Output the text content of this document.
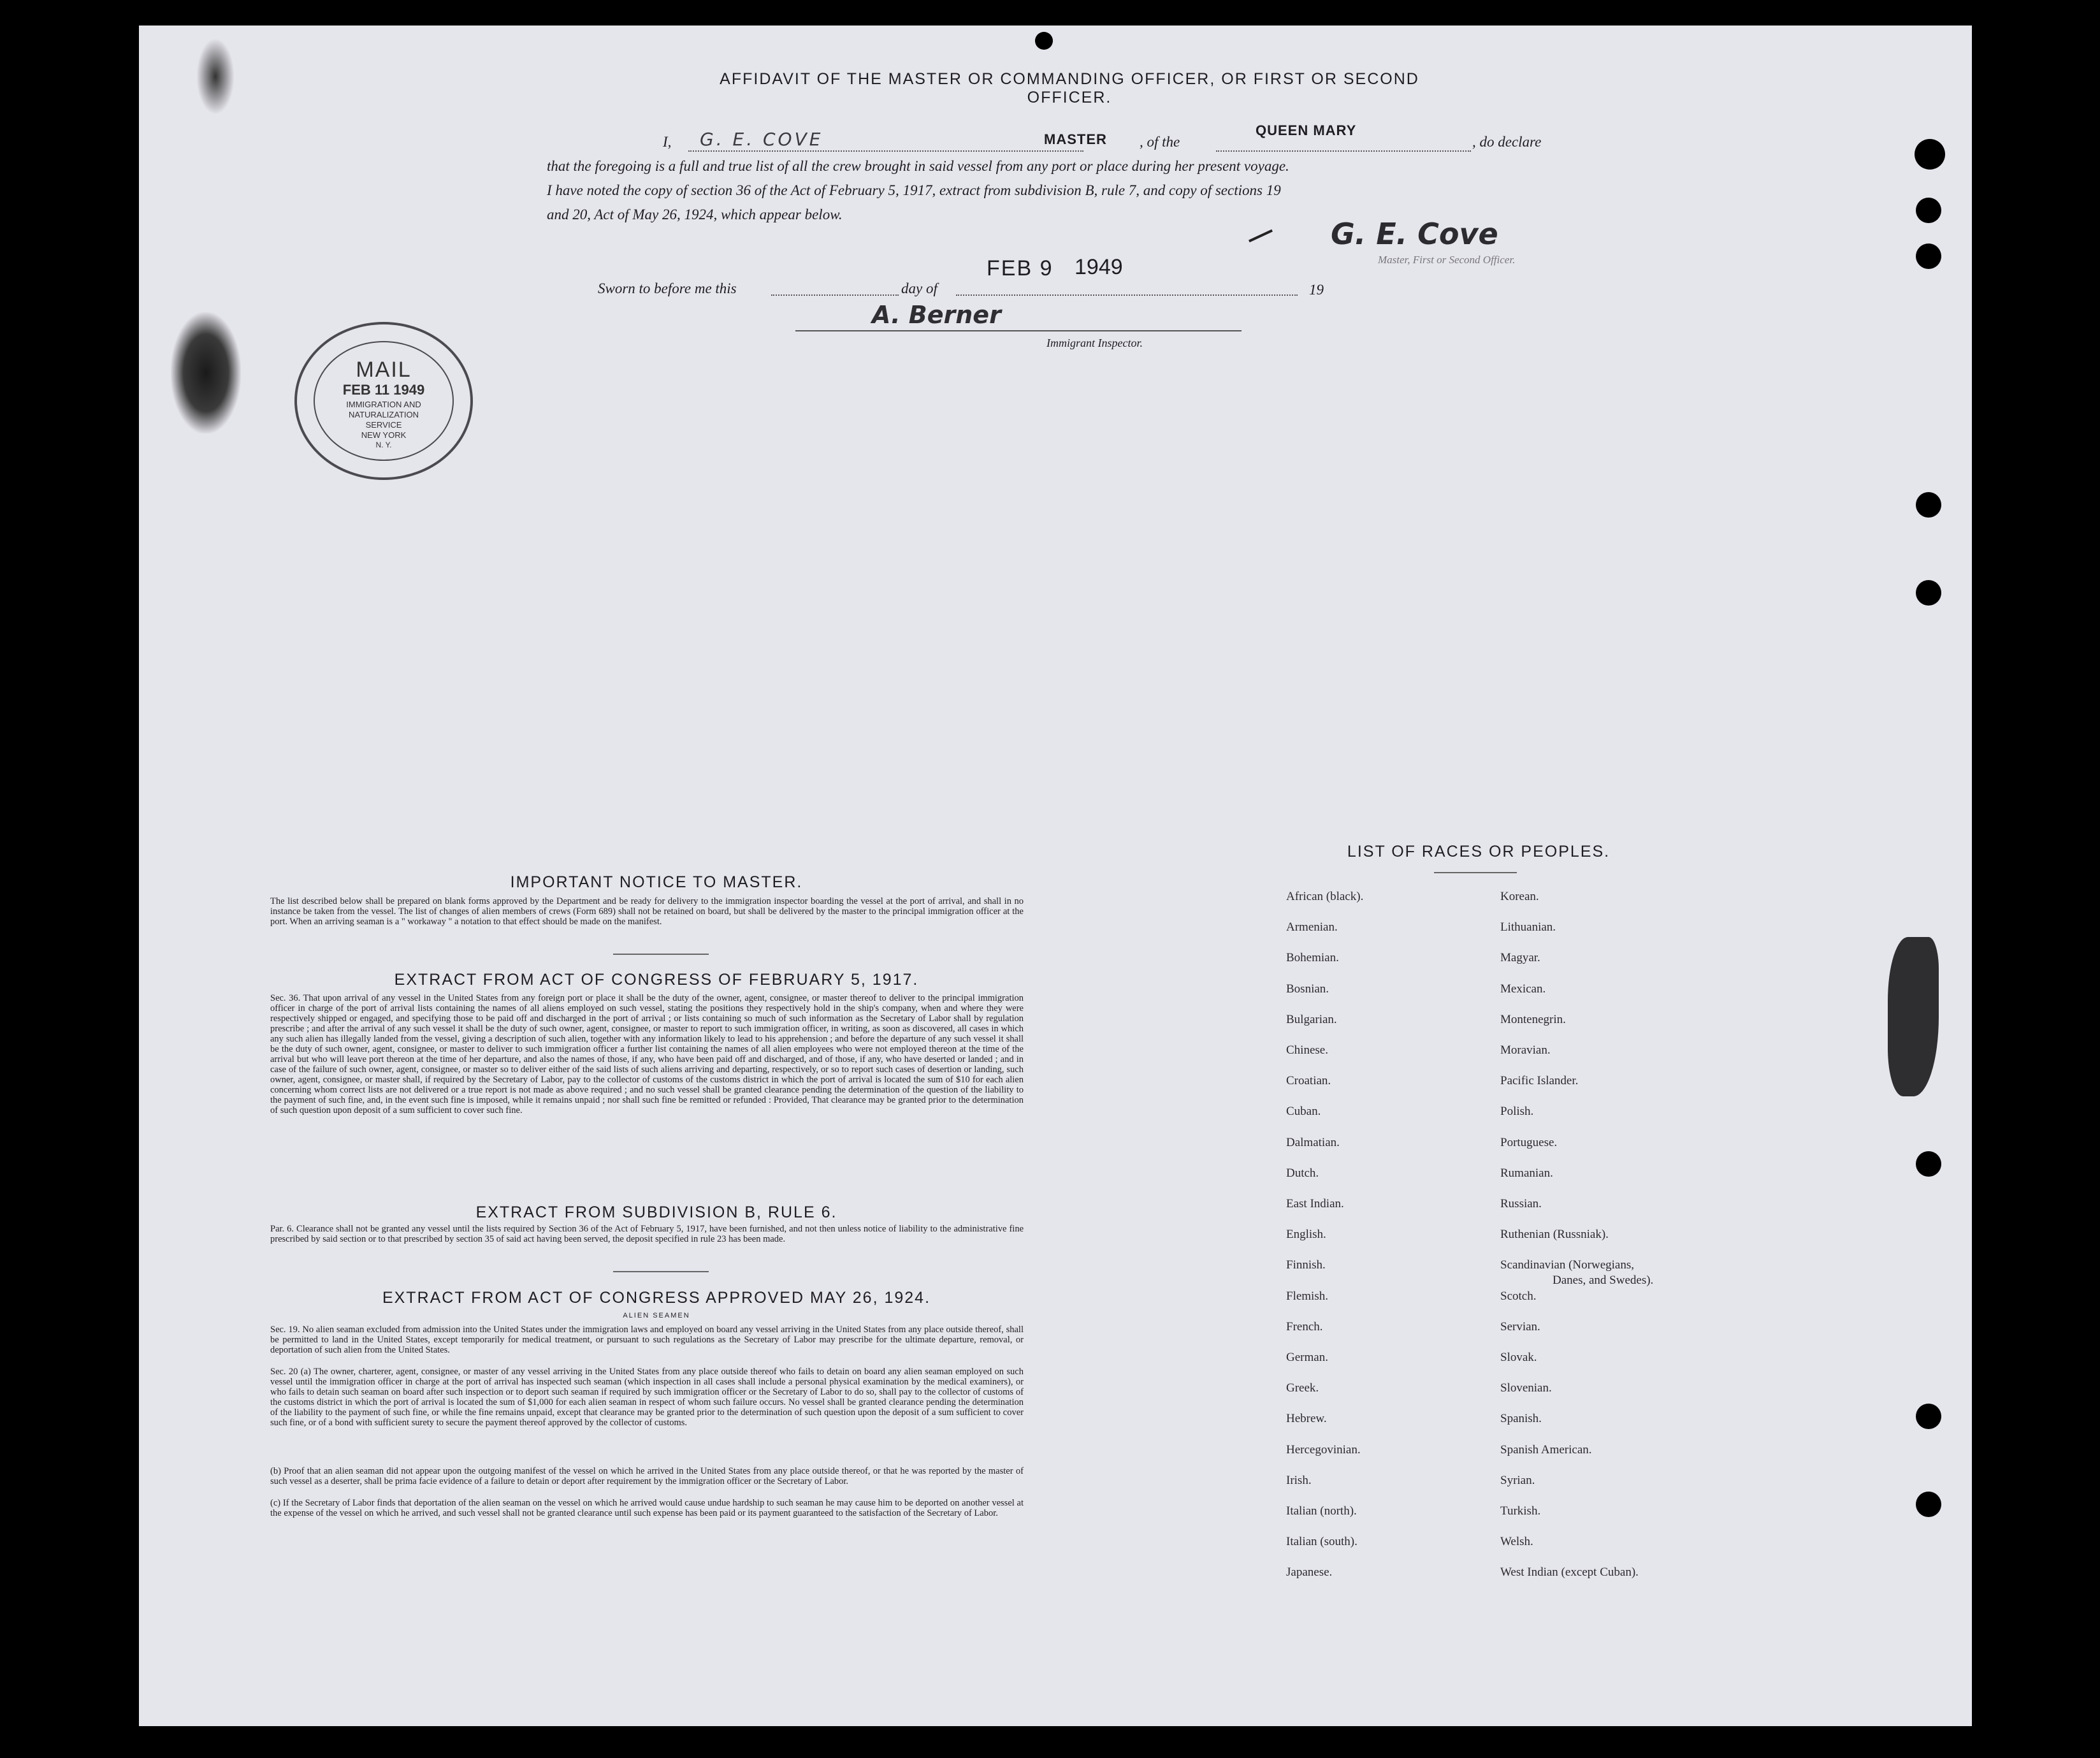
AFFIDAVIT OF THE MASTER OR COMMANDING OFFICER, OR FIRST OR SECOND OFFICER.
I, G. E. COVE	MASTER , of the
QUEEN MARY
, do declare
that the foregoing is a full and true list of all the crew brought in said vessel from any port or place during her present voyage.
I have noted the copy of section 36 of the Act of February 5, 1917, extract from subdivision B, rule 7, and copy of sections 19
and 20, Act of May 26, 1924, which appear below.
G. E. Cove
Master, First or Second Officer.
Sworn to before me this	day of
FEB 9 1949
19
A. Berner
Immigrant Inspector.
MAIL
FEB 11 1949
IMMIGRATION AND
NATURALIZATION
SERVICE
NEW YORK
N. Y.
IMPORTANT NOTICE TO MASTER.
The list described below shall be prepared on blank forms approved by the Department and be ready for delivery to the immigration inspector boarding the vessel at the port of arrival, and shall in no instance be taken from the vessel. The list of changes of alien members of crews (Form 689) shall not be retained on board, but shall be delivered by the master to the principal immigration officer at the port. When an arriving seaman is a " workaway " a notation to that effect should be made on the manifest.
EXTRACT FROM ACT OF CONGRESS OF FEBRUARY 5, 1917.
Sec. 36. That upon arrival of any vessel in the United States from any foreign port or place it shall be the duty of the owner, agent, consignee, or master thereof to deliver to the principal immigration officer in charge of the port of arrival lists containing the names of all aliens employed on such vessel, stating the positions they respectively hold in the ship's company, when and where they were respectively shipped or engaged, and specifying those to be paid off and discharged in the port of arrival ; or lists containing so much of such information as the Secretary of Labor shall by regulation prescribe ; and after the arrival of any such vessel it shall be the duty of such owner, agent, consignee, or master to report to such immigration officer, in writing, as soon as discovered, all cases in which any such alien has illegally landed from the vessel, giving a description of such alien, together with any information likely to lead to his apprehension ; and before the departure of any such vessel it shall be the duty of such owner, agent, consignee, or master to deliver to such immigration officer a further list containing the names of all alien employees who were not employed thereon at the time of the arrival but who will leave port thereon at the time of her departure, and also the names of those, if any, who have been paid off and discharged, and of those, if any, who have deserted or landed ; and in case of the failure of such owner, agent, consignee, or master so to deliver either of the said lists of such aliens arriving and departing, respectively, or so to report such cases of desertion or landing, such owner, agent, consignee, or master shall, if required by the Secretary of Labor, pay to the collector of customs of the customs district in which the port of arrival is located the sum of $10 for each alien concerning whom correct lists are not delivered or a true report is not made as above required ; and no such vessel shall be granted clearance pending the determination of the question of the liability to the payment of such fine, and, in the event such fine is imposed, while it remains unpaid ; nor shall such fine be remitted or refunded : Provided, That clearance may be granted prior to the determination of such question upon deposit of a sum sufficient to cover such fine.
EXTRACT FROM SUBDIVISION B, RULE 6.
Par. 6. Clearance shall not be granted any vessel until the lists required by Section 36 of the Act of February 5, 1917, have been furnished, and not then unless notice of liability to the administrative fine prescribed by said section or to that prescribed by section 35 of said act having been served, the deposit specified in rule 23 has been made.
EXTRACT FROM ACT OF CONGRESS APPROVED MAY 26, 1924.
ALIEN SEAMEN
Sec. 19. No alien seaman excluded from admission into the United States under the immigration laws and employed on board any vessel arriving in the United States from any place outside thereof, shall be permitted to land in the United States, except temporarily for medical treatment, or pursuant to such regulations as the Secretary of Labor may prescribe for the ultimate departure, removal, or deportation of such alien from the United States.
Sec. 20 (a) The owner, charterer, agent, consignee, or master of any vessel arriving in the United States from any place outside thereof who fails to detain on board any alien seaman employed on such vessel until the immigration officer in charge at the port of arrival has inspected such seaman (which inspection in all cases shall include a personal physical examination by the medical examiners), or who fails to detain such seaman on board after such inspection or to deport such seaman if required by such immigration officer or the Secretary of Labor to do so, shall pay to the collector of customs of the customs district in which the port of arrival is located the sum of $1,000 for each alien seaman in respect of whom such failure occurs. No vessel shall be granted clearance pending the determination of the liability to the payment of such fine, or while the fine remains unpaid, except that clearance may be granted prior to the determination of such question upon the deposit of a sum sufficient to cover such fine, or of a bond with sufficient surety to secure the payment thereof approved by the collector of customs.
(b) Proof that an alien seaman did not appear upon the outgoing manifest of the vessel on which he arrived in the United States from any place outside thereof, or that he was reported by the master of such vessel as a deserter, shall be prima facie evidence of a failure to detain or deport after requirement by the immigration officer or the Secretary of Labor.
(c) If the Secretary of Labor finds that deportation of the alien seaman on the vessel on which he arrived would cause undue hardship to such seaman he may cause him to be deported on another vessel at the expense of the vessel on which he arrived, and such vessel shall not be granted clearance until such expense has been paid or its payment guaranteed to the satisfaction of the Secretary of Labor.
LIST OF RACES OR PEOPLES.
African (black).
Armenian.
Bohemian.
Bosnian.
Bulgarian.
Chinese.
Croatian.
Cuban.
Dalmatian.
Dutch.
East Indian.
English.
Finnish.
Flemish.
French.
German.
Greek.
Hebrew.
Hercegovinian.
Irish.
Italian (north).
Italian (south).
Japanese.
Korean.
Lithuanian.
Magyar.
Mexican.
Montenegrin.
Moravian.
Pacific Islander.
Polish.
Portuguese.
Rumanian.
Russian.
Ruthenian (Russniak).
Scandinavian (Norwegians,
Scotch.
Servian.
Slovak.
Slovenian.
Spanish.
Spanish American.
Syrian.
Turkish.
Welsh.
West Indian (except Cuban).
Danes, and Swedes).
